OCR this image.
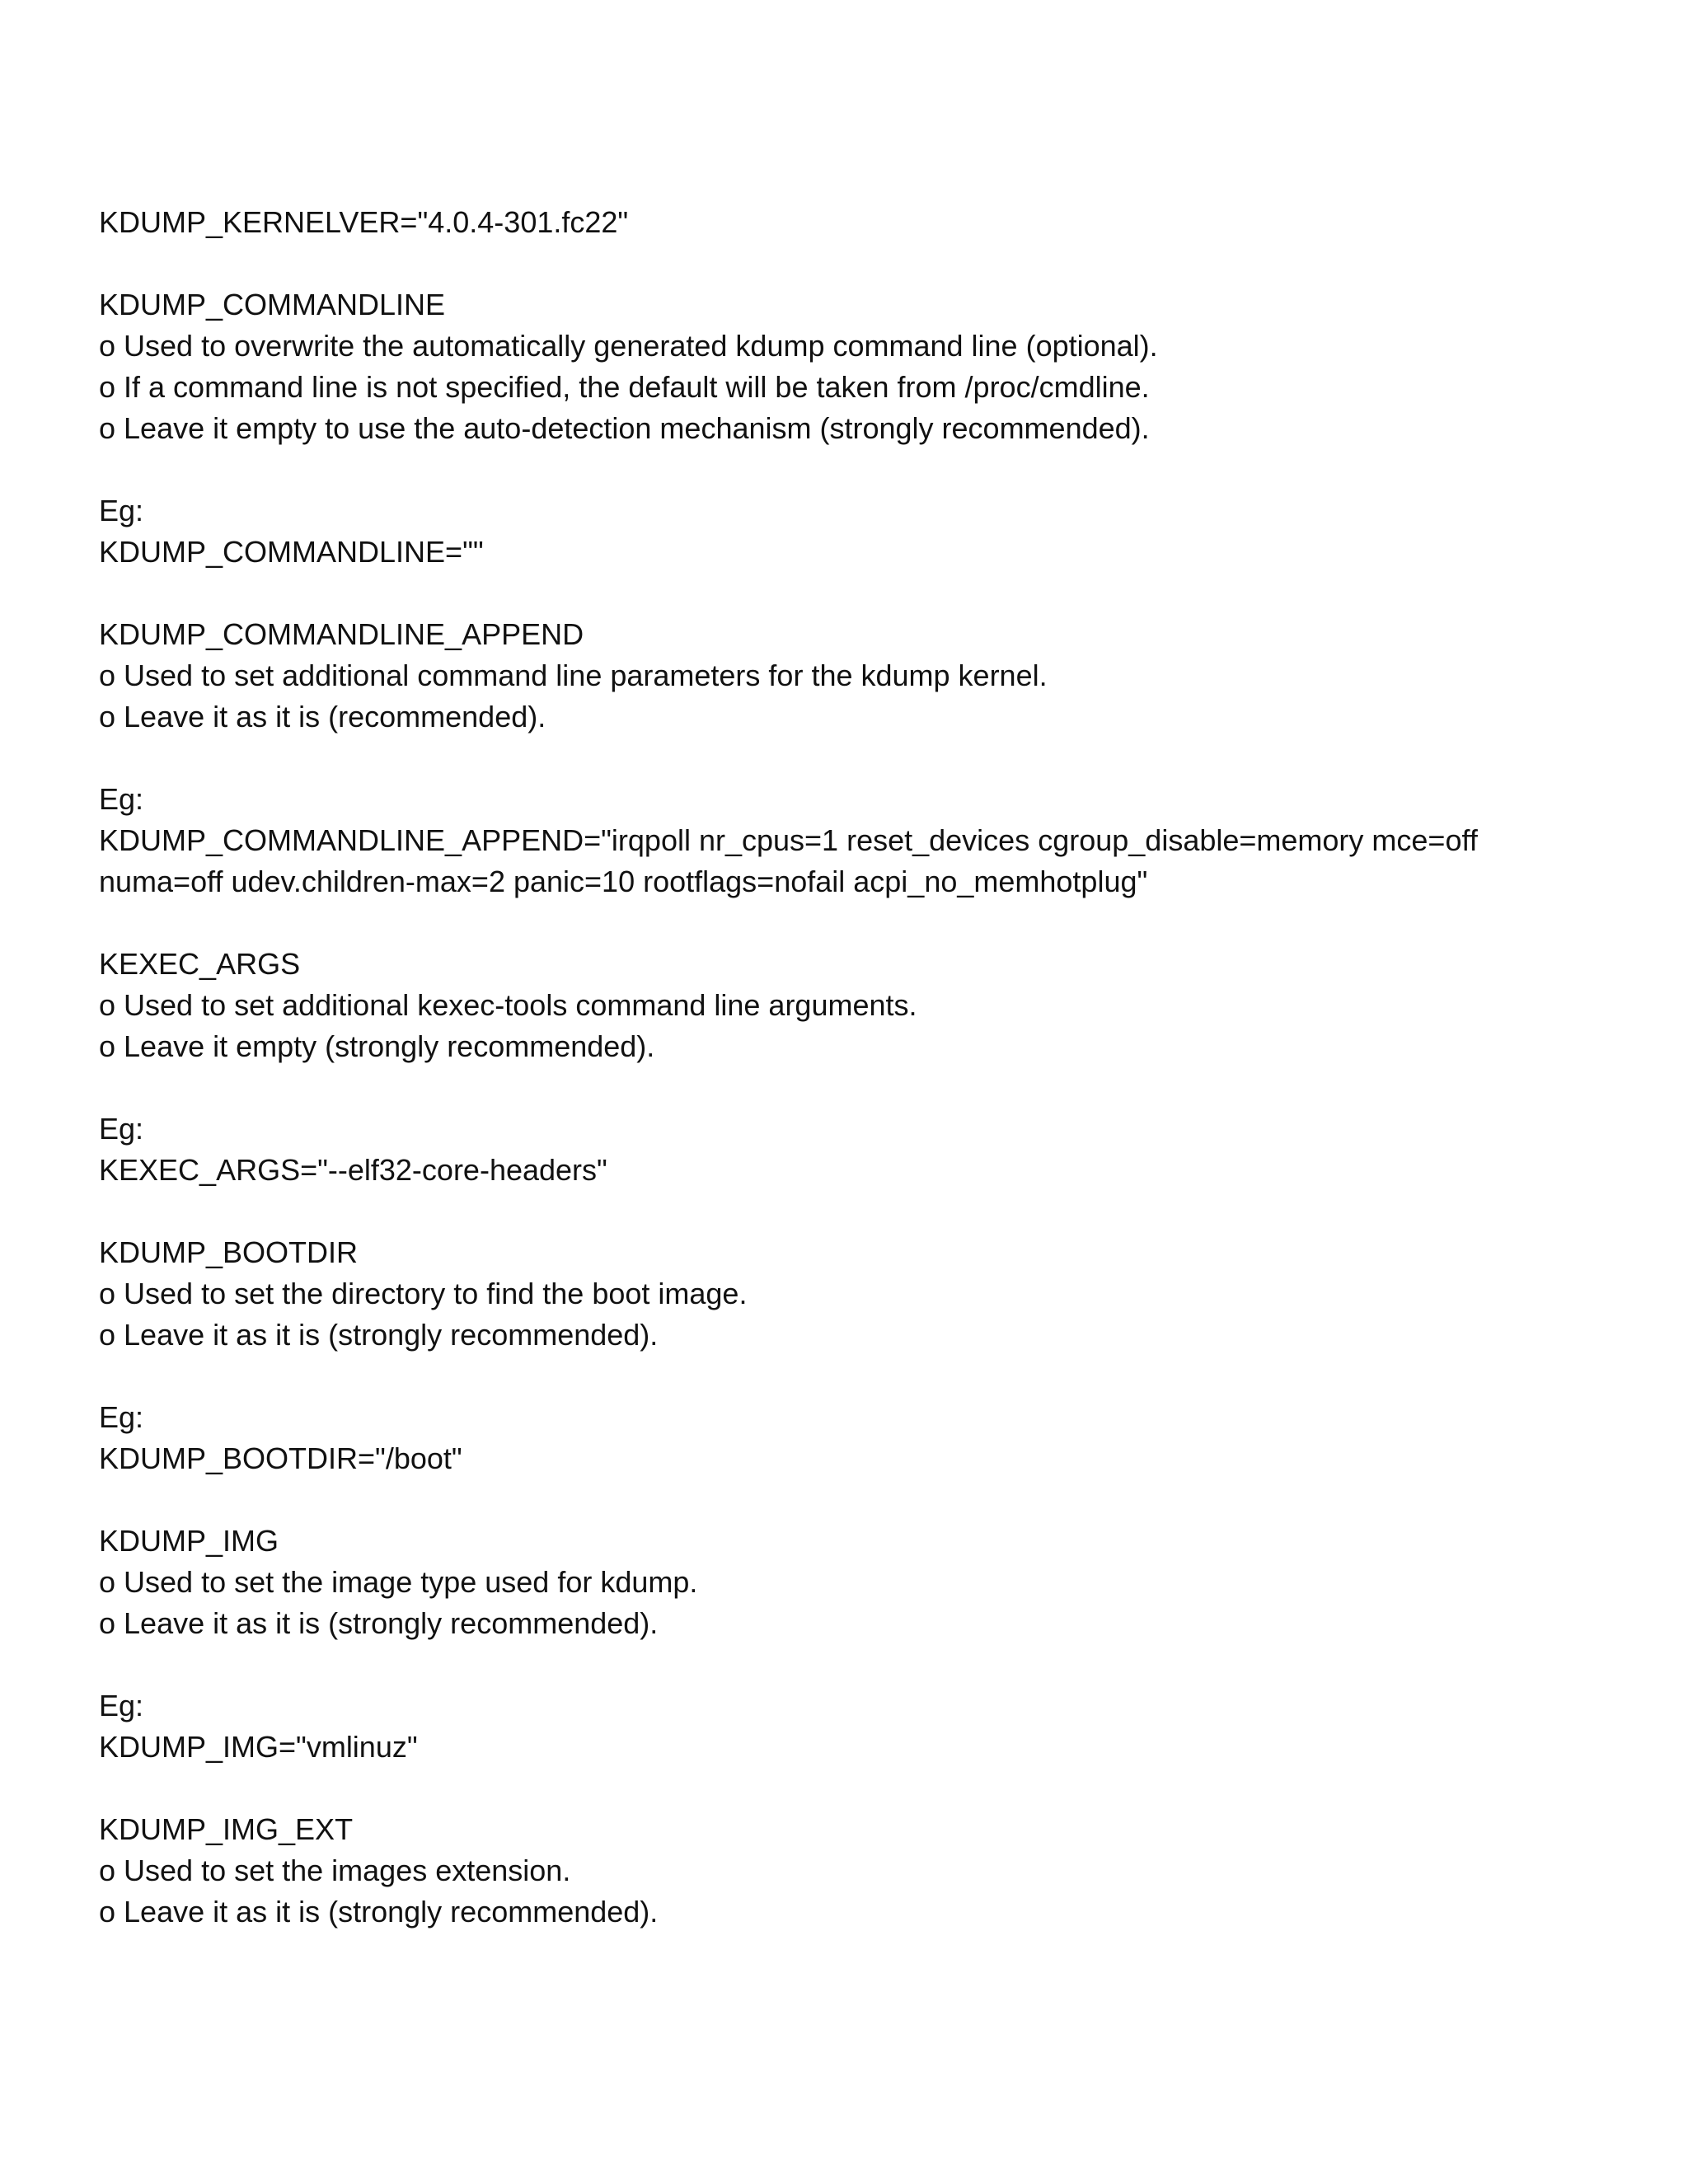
KDUMP_KERNELVER="4.0.4-301.fc22"
KDUMP_COMMANDLINE
o Used to overwrite the automatically generated kdump command line (optional).
o If a command line is not specified, the default will be taken from /proc/cmdline.
o Leave it empty to use the auto-detection mechanism (strongly recommended).
Eg:
KDUMP_COMMANDLINE=""
KDUMP_COMMANDLINE_APPEND
o Used to set additional command line parameters for the kdump kernel.
o Leave it as it is (recommended).
Eg:
KDUMP_COMMANDLINE_APPEND="irqpoll nr_cpus=1 reset_devices cgroup_disable=memory mce=off
numa=off udev.children-max=2 panic=10 rootflags=nofail acpi_no_memhotplug"
KEXEC_ARGS
o Used to set additional kexec-tools command line arguments.
o Leave it empty (strongly recommended).
Eg:
KEXEC_ARGS="--elf32-core-headers"
KDUMP_BOOTDIR
o Used to set the directory to find the boot image.
o Leave it as it is (strongly recommended).
Eg:
KDUMP_BOOTDIR="/boot"
KDUMP_IMG
o Used to set the image type used for kdump.
o Leave it as it is (strongly recommended).
Eg:
KDUMP_IMG="vmlinuz"
KDUMP_IMG_EXT
o Used to set the images extension.
o Leave it as it is (strongly recommended).
